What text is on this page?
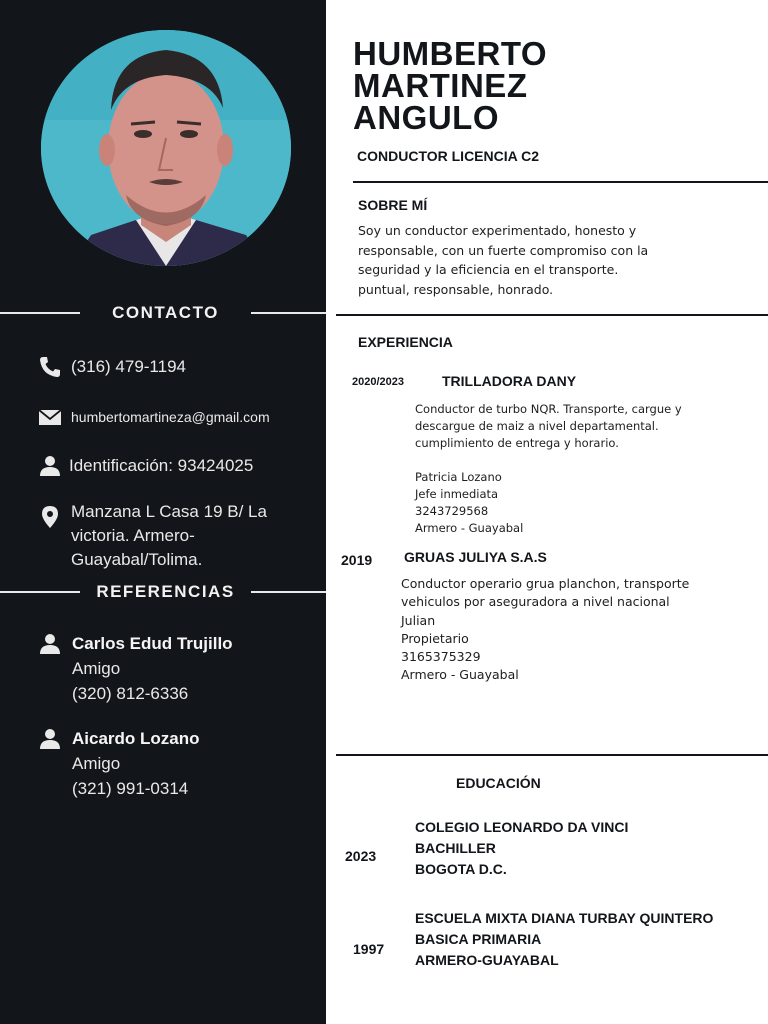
CONTACTO
(316) 479-1194
humbertomartineza@gmail.com
Identificación: 93424025
Manzana L Casa 19 B/ La
victoria. Armero-
Guayabal/Tolima.
REFERENCIAS
Carlos Edud Trujillo
Amigo
(320) 812-6336
Aicardo Lozano
Amigo
(321) 991-0314
HUMBERTO
MARTINEZ
ANGULO
CONDUCTOR LICENCIA C2
SOBRE MÍ
Soy un conductor experimentado, honesto y
responsable, con un fuerte compromiso con la
seguridad y la eficiencia en el transporte.
puntual, responsable, honrado.
EXPERIENCIA
2020/2023	TRILLADORA DANY
Conductor de turbo NQR. Transporte, cargue y
descargue de maiz a nivel departamental.
cumplimiento de entrega y horario.
Patricia Lozano
Jefe inmediata
3243729568
Armero - Guayabal
2019 GRUAS JULIYA S.A.S
Conductor operario grua planchon, transporte
vehiculos por aseguradora a nivel nacional
Julian
Propietario
3165375329
Armero - Guayabal
EDUCACIÓN
2023
COLEGIO LEONARDO DA VINCI
BACHILLER
BOGOTA D.C.
1997
ESCUELA MIXTA DIANA TURBAY QUINTERO
BASICA PRIMARIA
ARMERO-GUAYABAL
